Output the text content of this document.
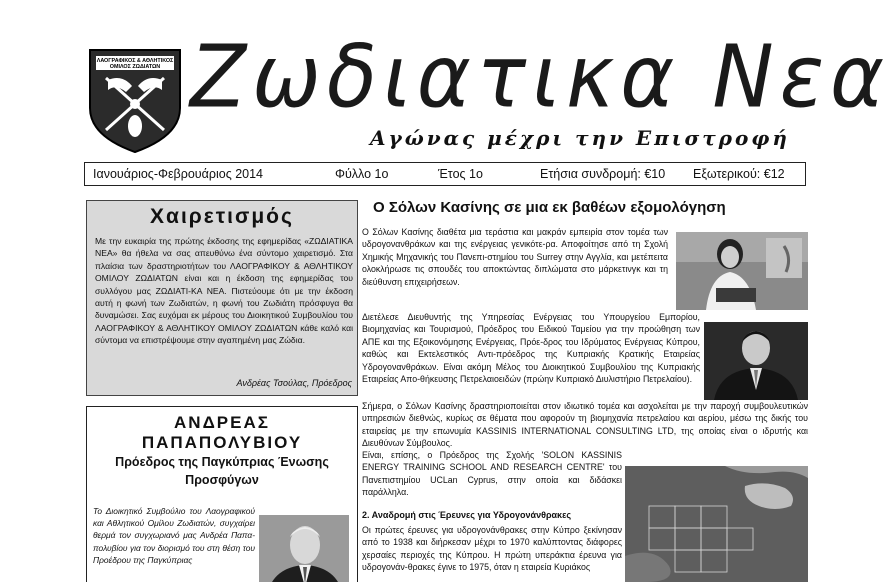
ΛΑΟΓΡΑΦΙΚΟΣ & ΑΘΛΗΤΙΚΟΣ
ΟΜΙΛΟΣ ΖΩΔΙΑΤΩΝ Ζωδιατικα Νεα
Αγώνας μέχρι την Επιστροφή
Ιανουάριος-Φεβρουάριος 2014	Φύλλο 1ο	Έτος 1ο	Ετήσια συνδρομή: €10 Εξωτερικού: €12
Χαιρετισμός

Με την ευκαιρία της πρώτης έκδοσης της εφημερίδας «ΖΩΔΙΑΤΙΚΑ ΝΕΑ» θα ήθελα να σας απευθύνω ένα σύντομο χαιρετισμό. Στα πλαίσια των δραστηριοτήτων του ΛΑΟΓΡΑΦΙΚΟΥ & ΑΘΛΗΤΙΚΟΥ ΟΜΙΛΟΥ ΖΩΔΙΑΤΩΝ είναι και η έκδοση της εφημερίδας του συλλόγου μας ΖΩΔΙΑΤΙ-ΚΑ ΝΕΑ. Πιστεύουμε ότι με την έκδοση αυτή η φωνή των Ζωδιατών, η φωνή του Ζωδιάτη πρόσφυγα θα δυναμώσει. Σας ευχόμαι εκ μέρους του Διοικητικού Συμβουλίου του ΛΑΟΓΡΑΦΙΚΟΥ & ΑΘΛΗΤΙΚΟΥ ΟΜΙΛΟΥ ΖΩΔΙΑΤΩΝ κάθε καλό και σύντομα να επιστρέψουμε στην αγαπημένη μας Ζώδια.

Ανδρέας Τσούλας, Πρόεδρος
ΑΝΔΡΕΑΣ
ΠΑΠΑΠΟΛΥΒΙΟΥ
Πρόεδρος της Παγκύπριας Ένωσης
Προσφύγων

Το Διοικητικό Συμβούλιο του Λαογραφικού και Αθλητικού Ομίλου Ζωδιατών, συγχαίρει θερμά τον συγχωριανό μας Ανδρέα Παπα-πολυβίου για τον διορισμό του στη θέση του Προέδρου της Παγκύπριας

Ο Σόλων Κασίνης σε μια εκ βαθέων εξομολόγηση

Ο Σόλων Κασίνης διαθέτα μια τεράστια και μακράν εμπειρία στον τομέα των υδρογονανθράκων και της ενέργειας γενικότε-ρα. Αποφοίτησε από τη Σχολή Χημικής Μηχανικής του Πανεπι-στημίου του Surrey στην Αγγλία, και μετέπειτα ολοκλήρωσε τις σπουδές του αποκτώντας διπλώματα στο μάρκετινγκ και τη διεύθυνση επιχειρήσεων.

Διετέλεσε Διευθυντής της Υπηρεσίας Ενέργειας του Υπουργείου Εμπορίου, Βιομηχανίας και Τουρισμού, Πρόεδρος του Ειδικού Ταμείου για την προώθηση των ΑΠΕ και της Εξοικονόμησης Ενέργειας, Πρόε-δρος του Ιδρύματος Ενέργειας Κύπρου, καθώς και Εκτελεστικός Αντι-πρόεδρος της Κυπριακής Κρατικής Εταιρείας Υδρογονανθράκων. Είναι ακόμη Μέλος του Διοικητικού Συμβουλίου της Κυπριακής Εταιρείας Απο-θήκευσης Πετρελαιοειδών (πρώην Κυπριακό Διυλιστήριο Πετρελαίου).

Σήμερα, ο Σόλων Κασίνης δραστηριοποιείται στον ιδιωτικό τομέα και ασχολείται με την παροχή συμβουλευτικών υπηρεσιών διεθνώς, κυρίως σε θέματα που αφορούν τη βιομηχανία πετρελαίου και αερίου, μέσω της δικής του εταιρείας με την επωνυμία KASSINIS INTERNATIONAL CONSULTING LTD, της οποίας είναι ο ιδρυτής και Διευθύνων Σύμβουλος.

Είναι, επίσης, ο Πρόεδρος της Σχολής 'SOLON KASSINIS ENERGY TRAINING SCHOOL AND RESEARCH CENTRE' του Πανεπιστημίου UCLan Cyprus, στην οποία και διδάσκει παράλληλα.

2. Αναδρομή στις Έρευνες για Υδρογονάνθρακες

Οι πρώτες έρευνες για υδρογονάνθρακες στην Κύπρο ξεκίνησαν από το 1938 και διήρκεσαν μέχρι το 1970 καλύπτοντας διάφορες χερσαίες περιοχές της Κύπρου. Η πρώτη υπεράκτια έρευνα για υδρογονάν-θρακες έγινε το 1975, όταν η εταιρεία Κυριάκος
